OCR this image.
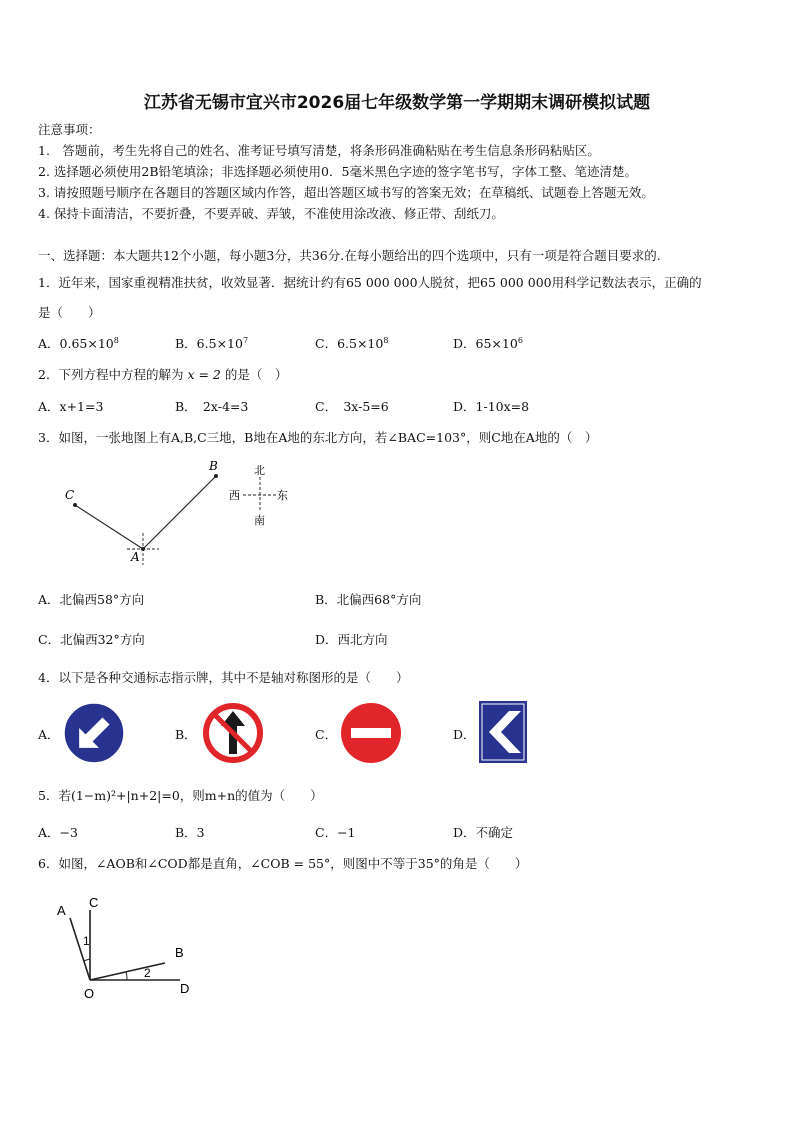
江苏省无锡市宜兴市2026届七年级数学第一学期期末调研模拟试题
注意事项：
1.　答题前，考生先将自己的姓名、准考证号填写清楚，将条形码准确粘贴在考生信息条形码粘贴区。
2. 选择题必须使用2B铅笔填涂；非选择题必须使用0．5毫米黑色字迹的签字笔书写，字体工整、笔迹清楚。
3. 请按照题号顺序在各题目的答题区域内作答，超出答题区域书写的答案无效；在草稿纸、试题卷上答题无效。
4. 保持卡面清洁，不要折叠，不要弄破、弄皱，不准使用涂改液、修正带、刮纸刀。
一、选择题：本大题共12个小题，每小题3分，共36分.在每小题给出的四个选项中，只有一项是符合题目要求的.
1．近年来，国家重视精准扶贫，收效显著．据统计约有65 000 000人脱贫，把65 000 000用科学记数法表示，正确的
是（　　）
A．$0.65\times 10^8$	B．$6.5\times 10^7$	C．$6.5\times 10^8$	D．$65\times 10^6$
2．下列方程中方程的解为 x = 2 的是（　）
A．x+1=3	B．　2x-4=3	C．　3x-5=6	D．1-10x=8
3．如图，一张地图上有A,B,C三地，B地在A地的东北方向，若∠BAC=103°，则C地在A地的（　）
A
B
C
北
南
西	东
A．北偏西58°方向	B．北偏西68°方向
C．北偏西32°方向	D．西北方向
4．以下是各种交通标志指示牌，其中不是轴对称图形的是（　　）
A．	B．	C．	D．
5．若(1−m)²+|n+2|=0，则m+n的值为（　　）
A．−3	B．3	C．−1	D．不确定
6．如图，∠AOB和∠COD都是直角，∠COB = 55°，则图中不等于35°的角是（　　）
A
C
B
D
O
1
2
